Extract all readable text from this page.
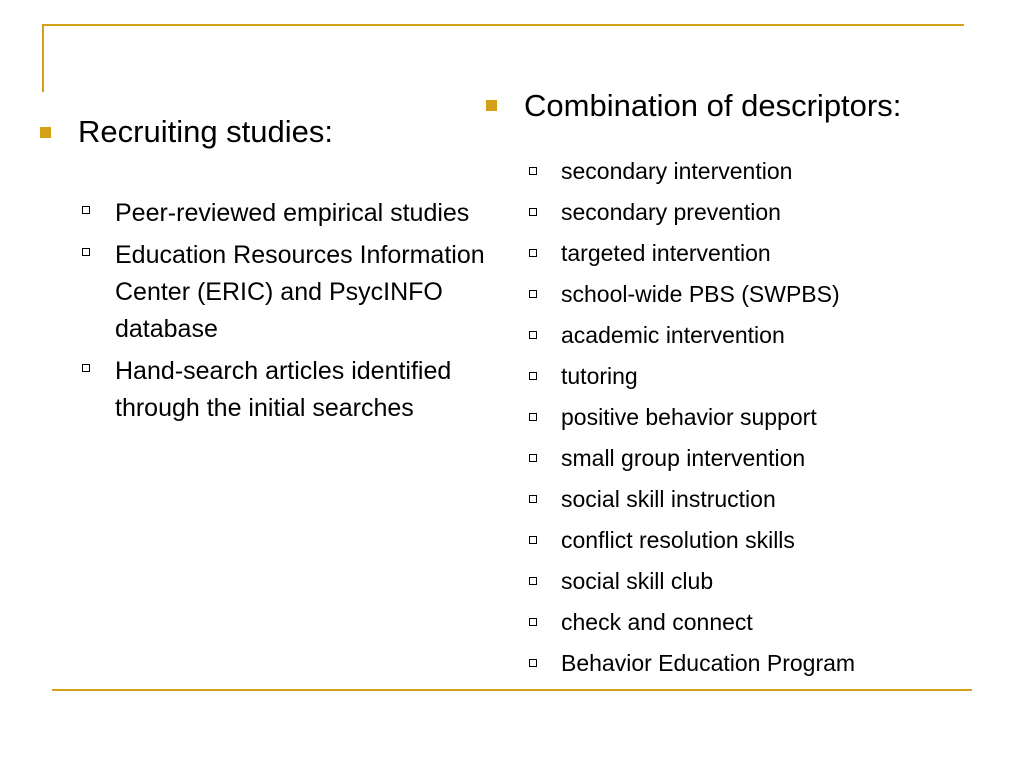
Recruiting studies:
Peer-reviewed empirical studies
Education Resources Information Center (ERIC) and PsycINFO database
Hand-search articles identified through the initial searches
Combination of descriptors:
secondary intervention
secondary prevention
targeted intervention
school-wide PBS (SWPBS)
academic intervention
tutoring
positive behavior support
small group intervention
social skill instruction
conflict resolution skills
social skill club
check and connect
Behavior Education Program
